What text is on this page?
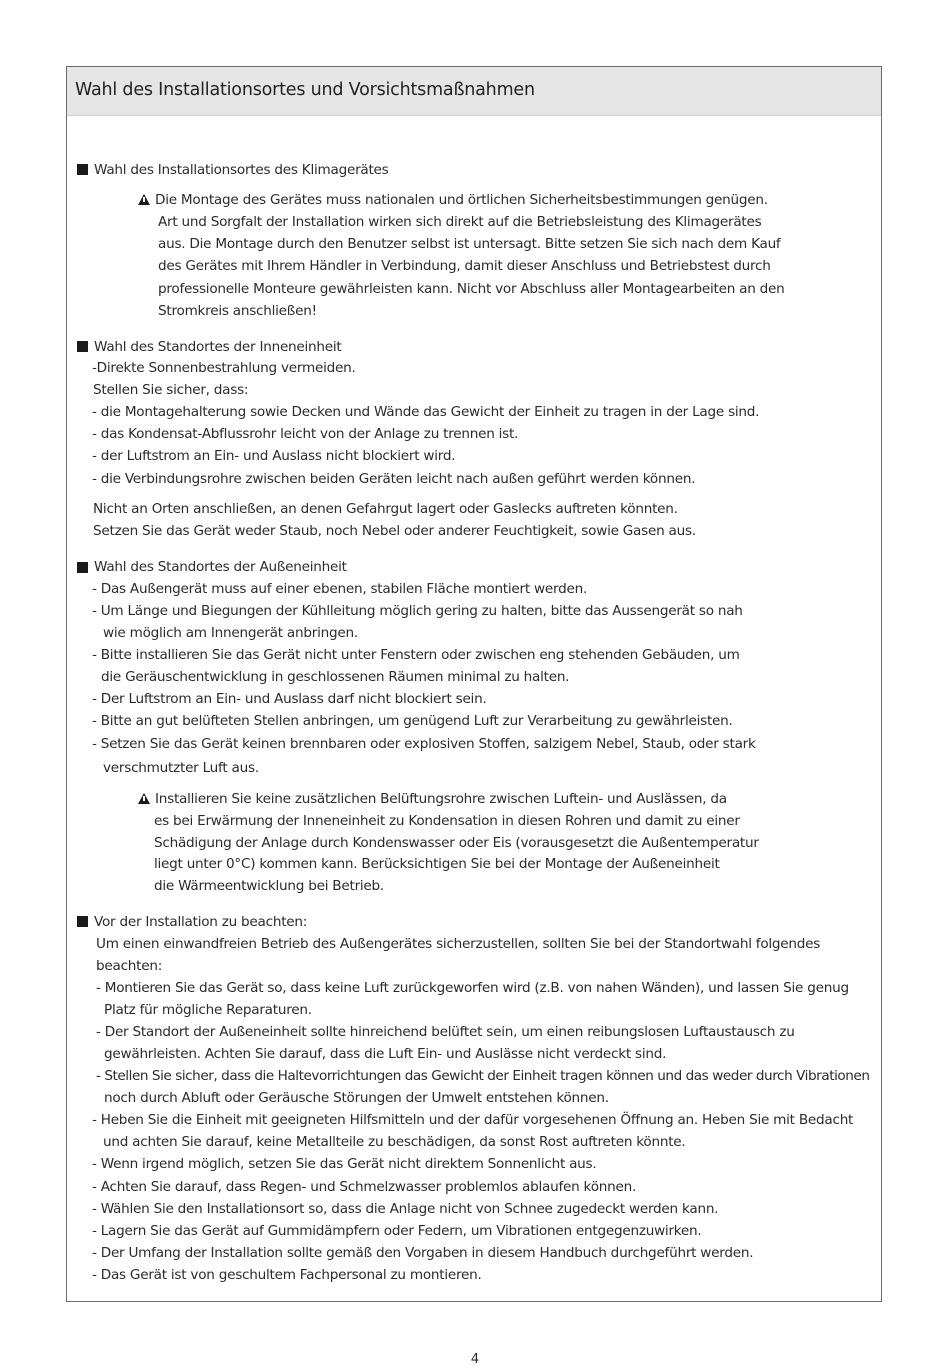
Wahl des Installationsortes und Vorsichtsmaßnahmen
Wahl des Installationsortes des Klimagerätes
Die Montage des Gerätes muss nationalen und örtlichen Sicherheitsbestimmungen genügen.
Art und Sorgfalt der Installation wirken sich direkt auf die Betriebsleistung des Klimagerätes
aus. Die Montage durch den Benutzer selbst ist untersagt. Bitte setzen Sie sich nach dem Kauf
des Gerätes mit Ihrem Händler in Verbindung, damit dieser Anschluss und Betriebstest durch
professionelle Monteure gewährleisten kann. Nicht vor Abschluss aller Montagearbeiten an den
Stromkreis anschließen!
Wahl des Standortes der Inneneinheit
-Direkte Sonnenbestrahlung vermeiden.
Stellen Sie sicher, dass:
- die Montagehalterung sowie Decken und Wände das Gewicht der Einheit zu tragen in der Lage sind.
- das Kondensat-Abflussrohr leicht von der Anlage zu trennen ist.
- der Luftstrom an Ein- und Auslass nicht blockiert wird.
- die Verbindungsrohre zwischen beiden Geräten leicht nach außen geführt werden können.
Nicht an Orten anschließen, an denen Gefahrgut lagert oder Gaslecks auftreten könnten.
Setzen Sie das Gerät weder Staub, noch Nebel oder anderer Feuchtigkeit, sowie Gasen aus.
Wahl des Standortes der Außeneinheit
- Das Außengerät muss auf einer ebenen, stabilen Fläche montiert werden.
- Um Länge und Biegungen der Kühlleitung möglich gering zu halten, bitte das Aussengerät so nah
wie möglich am Innengerät anbringen.
- Bitte installieren Sie das Gerät nicht unter Fenstern oder zwischen eng stehenden Gebäuden, um
die Geräuschentwicklung in geschlossenen Räumen minimal zu halten.
- Der Luftstrom an Ein- und Auslass darf nicht blockiert sein.
- Bitte an gut belüfteten Stellen anbringen, um genügend Luft zur Verarbeitung zu gewährleisten.
- Setzen Sie das Gerät keinen brennbaren oder explosiven Stoffen, salzigem Nebel, Staub, oder stark
verschmutzter Luft aus.
Installieren Sie keine zusätzlichen Belüftungsrohre zwischen Luftein- und Auslässen, da
es bei Erwärmung der Inneneinheit zu Kondensation in diesen Rohren und damit zu einer
Schädigung der Anlage durch Kondenswasser oder Eis (vorausgesetzt die Außentemperatur
liegt unter 0°C) kommen kann. Berücksichtigen Sie bei der Montage der Außeneinheit
die Wärmeentwicklung bei Betrieb.
Vor der Installation zu beachten:
Um einen einwandfreien Betrieb des Außengerätes sicherzustellen, sollten Sie bei der Standortwahl folgendes
beachten:
- Montieren Sie das Gerät so, dass keine Luft zurückgeworfen wird (z.B. von nahen Wänden), und lassen Sie genug
Platz für mögliche Reparaturen.
- Der Standort der Außeneinheit sollte hinreichend belüftet sein, um einen reibungslosen Luftaustausch zu
gewährleisten. Achten Sie darauf, dass die Luft Ein- und Auslässe nicht verdeckt sind.
- Stellen Sie sicher, dass die Haltevorrichtungen das Gewicht der Einheit tragen können und das weder durch Vibrationen
noch durch Abluft oder Geräusche Störungen der Umwelt entstehen können.
- Heben Sie die Einheit mit geeigneten Hilfsmitteln und der dafür vorgesehenen Öffnung an. Heben Sie mit Bedacht
und achten Sie darauf, keine Metallteile zu beschädigen, da sonst Rost auftreten könnte.
- Wenn irgend möglich, setzen Sie das Gerät nicht direktem Sonnenlicht aus.
- Achten Sie darauf, dass Regen- und Schmelzwasser problemlos ablaufen können.
- Wählen Sie den Installationsort so, dass die Anlage nicht von Schnee zugedeckt werden kann.
- Lagern Sie das Gerät auf Gummidämpfern oder Federn, um Vibrationen entgegenzuwirken.
- Der Umfang der Installation sollte gemäß den Vorgaben in diesem Handbuch durchgeführt werden.
- Das Gerät ist von geschultem Fachpersonal zu montieren.
4
